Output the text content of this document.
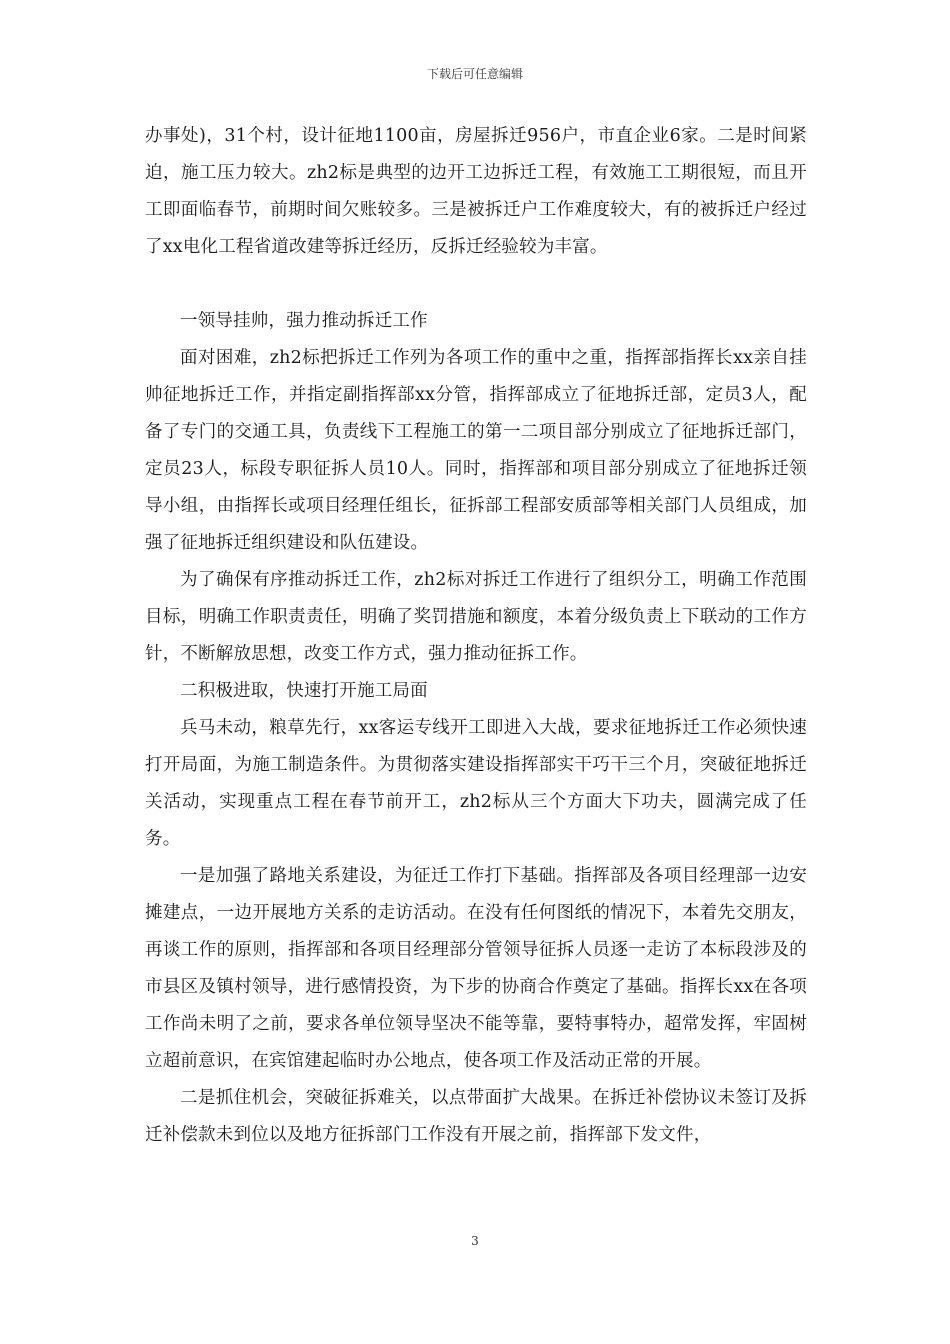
下载后可任意编辑

办事处)，31个村，设计征地1100亩，房屋拆迁956户，市直企业6家。二是时间紧迫，施工压力较大。zh2标是典型的边开工边拆迁工程，有效施工工期很短，而且开工即面临春节，前期时间欠账较多。三是被拆迁户工作难度较大，有的被拆迁户经过了xx电化工程省道改建等拆迁经历，反拆迁经验较为丰富。

一领导挂帅，强力推动拆迁工作

面对困难，zh2标把拆迁工作列为各项工作的重中之重，指挥部指挥长xx亲自挂帅征地拆迁工作，并指定副指挥部xx分管，指挥部成立了征地拆迁部，定员3人，配备了专门的交通工具，负责线下工程施工的第一二项目部分别成立了征地拆迁部门，定员23人，标段专职征拆人员10人。同时，指挥部和项目部分别成立了征地拆迁领导小组，由指挥长或项目经理任组长，征拆部工程部安质部等相关部门人员组成，加强了征地拆迁组织建设和队伍建设。

为了确保有序推动拆迁工作，zh2标对拆迁工作进行了组织分工，明确工作范围目标，明确工作职责责任，明确了奖罚措施和额度，本着分级负责上下联动的工作方针，不断解放思想，改变工作方式，强力推动征拆工作。

二积极进取，快速打开施工局面

兵马未动，粮草先行，xx客运专线开工即进入大战，要求征地拆迁工作必须快速打开局面，为施工制造条件。为贯彻落实建设指挥部实干巧干三个月，突破征地拆迁关活动，实现重点工程在春节前开工，zh2标从三个方面大下功夫，圆满完成了任务。

一是加强了路地关系建设，为征迁工作打下基础。指挥部及各项目经理部一边安摊建点，一边开展地方关系的走访活动。在没有任何图纸的情况下，本着先交朋友，再谈工作的原则，指挥部和各项目经理部分管领导征拆人员逐一走访了本标段涉及的市县区及镇村领导，进行感情投资，为下步的协商合作奠定了基础。指挥长xx在各项工作尚未明了之前，要求各单位领导坚决不能等靠，要特事特办，超常发挥，牢固树立超前意识，在宾馆建起临时办公地点，使各项工作及活动正常的开展。

二是抓住机会，突破征拆难关，以点带面扩大战果。在拆迁补偿协议未签订及拆迁补偿款未到位以及地方征拆部门工作没有开展之前，指挥部下发文件，

3
